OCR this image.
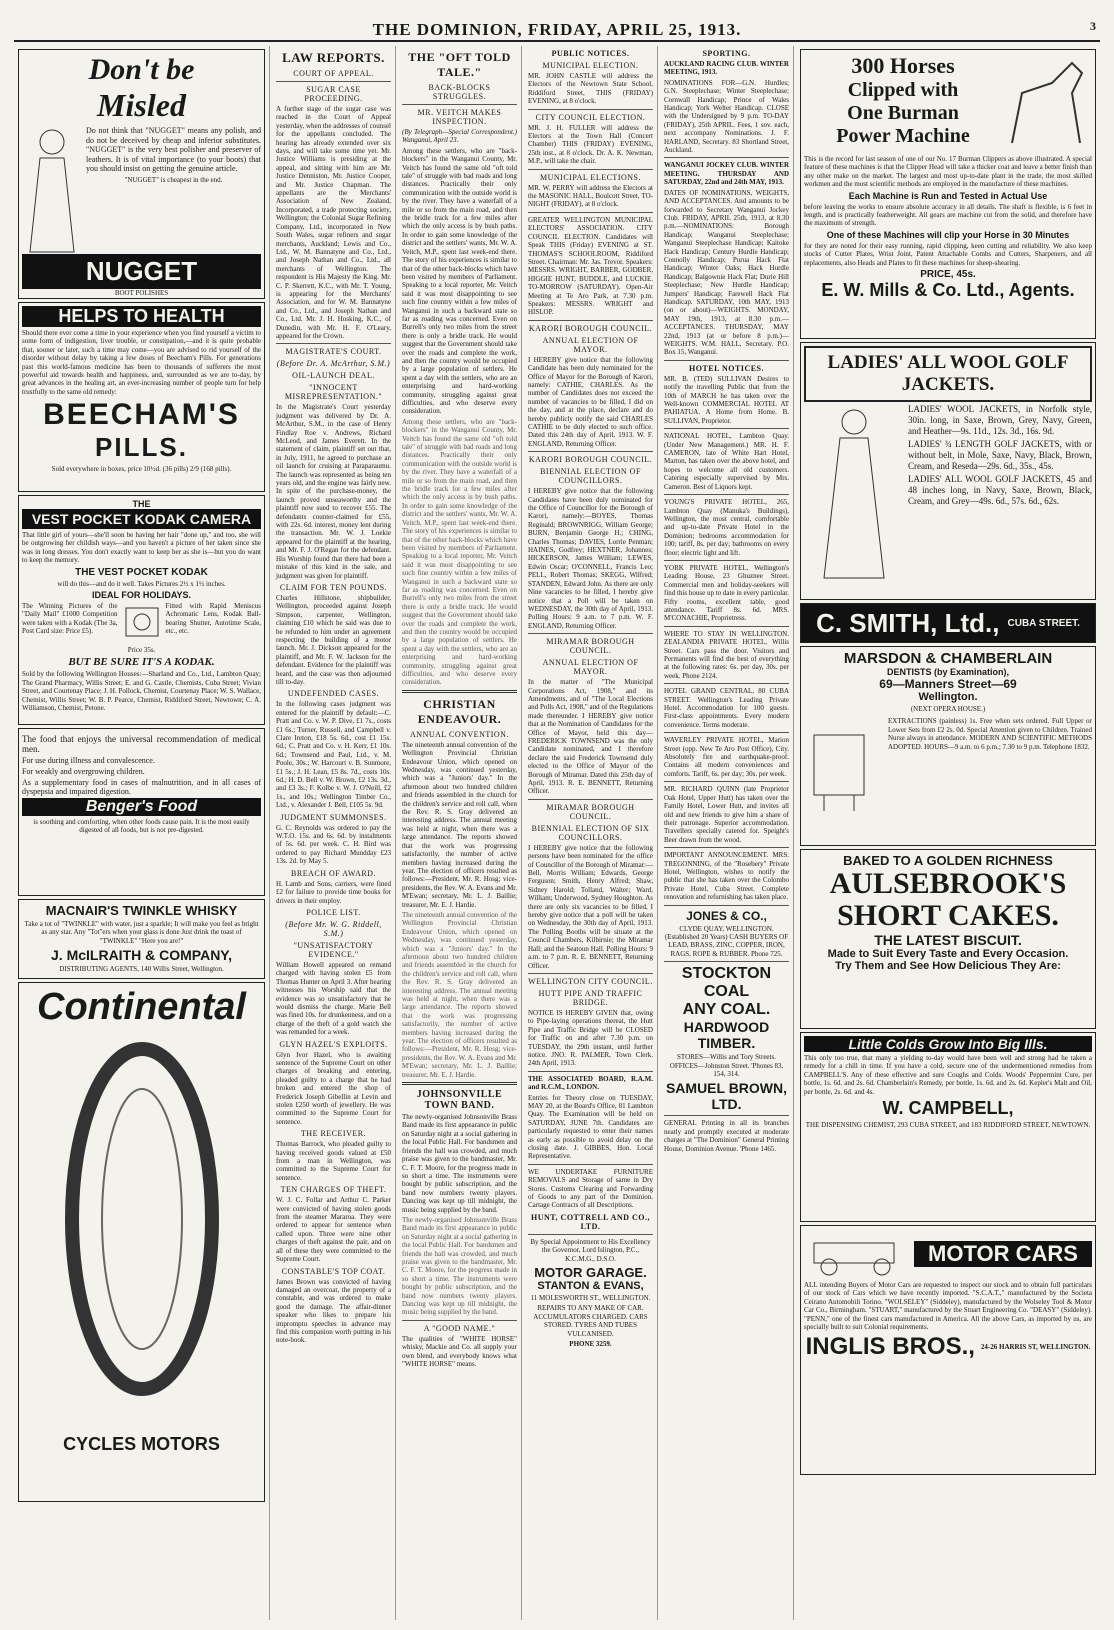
THE DOMINION, FRIDAY, APRIL 25, 1913.	3
Don't be
Misled
Do not think that "NUGGET" means any polish, and do not be deceived by cheap and inferior substitutes. "NUGGET" is the very best polisher and preserver of leathers. It is of vital importance (to your boots) that you should insist on getting the genuine article.
"NUGGET" is cheapest in the end.
NUGGET
BOOT POLISHES
HELPS TO HEALTH
Should there ever come a time in your experience when you find yourself a victim to some form of indigestion, liver trouble, or constipation,—and it is quite probable that, sooner or later, such a time may come—you are advised to rid yourself of the disorder without delay by taking a few doses of Beecham's Pills. For generations past this world-famous medicine has been to thousands of sufferers the most powerful aid towards health and happiness, and, surrounded as we are to-day, by great advances in the healing art, an ever-increasing number of people turn for help trustfully to the same old remedy:
BEECHAM'S
PILLS.
Sold everywhere in boxes, price 10½d. (36 pills) 2/9 (168 pills).
THE
VEST POCKET KODAK CAMERA
That little girl of yours—she'll soon be having her hair "done up," and too, she will be outgrowing her childish ways—and you haven't a picture of her taken since she was in long dresses. You don't exactly want to keep her as she is—but you do want to keep the memory.
THE VEST POCKET KODAK
will do this—and do it well. Takes Pictures 2½ x 1½ inches.
IDEAL FOR HOLIDAYS.
The Winning Pictures of the "Daily Mail" £1000 Competition were taken with a Kodak (The 3a, Post Card size: Price £5).
Fitted with Rapid Meniscus Achromatic Lens, Kodak Ball-bearing Shutter, Autotime Scale, etc., etc.
Price 35s.
BUT BE SURE IT'S A KODAK.
Sold by the following Wellington Houses:—Sharland and Co., Ltd., Lambton Quay; The Grand Pharmacy, Willis Street; E. and G. Castle, Chemists, Cuba Street; Vivian Street, and Courtenay Place; J. H. Pollock, Chemist, Courtenay Place; W. S. Wallace, Chemist, Willis Street; W. B. P. Pearce, Chemist, Riddiford Street, Newtown; C. A. Williamson, Chemist, Petone.
The food that enjoys the universal recommendation of medical men.
For use during illness and convalescence.
For weakly and overgrowing children.
As a supplementary food in cases of malnutrition, and in all cases of dyspepsia and impaired digestion.
Benger's Food
is soothing and comforting, when other foods cause pain. It is the most easily digested of all foods, but is not pre-digested.
MACNAIR'S TWINKLE WHISKY
Take a tot of "TWINKLE" with water, just a sparkle; It will make you feel as bright as any star. Any "Tot"ers when your glass is done Just drink the toast of "TWINKLE" "Here you are!"
J. McILRAITH & COMPANY,
DISTRIBUTING AGENTS, 140 Willis Street, Wellington.
Continental
CYCLES MOTORS
LAW REPORTS.
COURT OF APPEAL.
SUGAR CASE PROCEEDING.
A further stage of the sugar case was reached in the Court of Appeal yesterday, when the addresses of counsel for the appellants concluded. The hearing has already extended over six days, and will take some time yet. Mr. Justice Williams is presiding at the appeal, and sitting with him are Mr. Justice Denniston, Mr. Justice Cooper, and Mr. Justice Chapman. The appellants are the Merchants' Association of New Zealand, Incorporated, a trade protecting society, Wellington; the Colonial Sugar Refining Company, Ltd., incorporated in New South Wales, sugar refiners and sugar merchants, Auckland; Lewis and Co., Ltd., W. M. Bannatyne and Co., Ltd., and Joseph Nathan and Co., Ltd., all merchants of Wellington. The respondent is His Majesty the King. Mr. C. P. Skerrett, K.C., with Mr. T. Young, is appearing for the Merchants' Association, and for W. M. Bannatyne and Co., Ltd., and Joseph Nathan and Co., Ltd. Mr. J. H. Hosking, K.C., of Dunedin, with Mr. H. F. O'Leary, appeared for the Crown.
MAGISTRATE'S COURT.
(Before Dr. A. McArthur, S.M.)
OIL-LAUNCH DEAL.
"INNOCENT MISREPRESENTATION."
In the Magistrate's Court yesterday judgment was delivered by Dr. A. McArthur, S.M., in the case of Henry Findlay Roe v. Andrews, Richard McLeod, and James Everett. In the statement of claim, plaintiff set out that, in July, 1911, he agreed to purchase an oil launch for cruising at Paraparaumu. The launch was represented as being ten years old, and the engine was fairly new. In spite of the purchase-money, the launch proved unseaworthy and the plaintiff now sued to recover £55. The defendants counter-claimed for £55, with 22s. 6d. interest, money lent during the transaction. Mr. W. J. Loekie appeared for the plaintiff at the hearing, and Mr. F. J. O'Regan for the defendant. His Worship found that there had been a mistake of this kind in the sale, and judgment was given for plaintiff.
CLAIM FOR TEN POUNDS.
Charles Hillstone, shipbuilder, Wellington, proceeded against Joseph Simpson, carpenter, Wellington, claiming £10 which he said was due to be refunded to him under an agreement respecting the building of a motor launch. Mr. J. Dickson appeared for the plaintiff, and Mr. F. W. Jackson for the defendant. Evidence for the plaintiff was heard, and the case was then adjourned till to-day.
UNDEFENDED CASES.
In the following cases judgment was entered for the plaintiff by default:—C. Pratt and Co. v. W. P. Dive, £1 7s., costs £1 6s.; Turner, Russell, and Campbell v. Clare Ireton, £18 5s. 6d., cost £1 15s. 6d.; C. Pratt and Co. v. H. Kerr, £1 10s. 6d.; Townsend and Paul, Ltd., v. M. Poole, 30s.; W. Harcourt v. B. Sunmore, £1 5s.; J. H. Lean, £5 8s. 7d., costs 10s. 6d.; H. D. Bell v. W. Brown, £2 13s. 3d., and £3 3s.; F. Kolbe v. W. J. O'Neill, £2 1s., and 10s.; Wellington Timber Co., Ltd., v. Alexander J. Bell, £105 5s. 9d.
JUDGMENT SUMMONSES.
G. C. Reynolds was ordered to pay the W.T.O. 15s. and 6s. 6d. by instalments of 5s. 6d. per week. C. H. Bird was ordered to pay Richard Mundday £23 13s. 2d. by May 5.
BREACH OF AWARD.
H. Lamb and Sons, carriers, were fined £2 for failure to provide time books for drivers in their employ.
POLICE LIST.
(Before Mr. W. G. Riddell, S.M.)
"UNSATISFACTORY EVIDENCE."
William Howell appeared on remand charged with having stolen £5 from Thomas Hunter on April 3. After hearing witnesses his Worship said that the evidence was so unsatisfactory that he would dismiss the charge. Marie Bell was fined 10s. for drunkenness, and on a charge of the theft of a gold watch she was remanded for a week.
GLYN HAZEL'S EXPLOITS.
Glyn Ivor Hazel, who is awaiting sentence of the Supreme Court on other charges of breaking and entering, pleaded guilty to a charge that he had broken and entered the shop of Frederick Joseph Gibellin at Levin and stolen £250 worth of jewellery. He was committed to the Supreme Court for sentence.
THE RECEIVER.
Thomas Barrock, who pleaded guilty to having received goods valued at £50 from a man in Wellington, was committed to the Supreme Court for sentence.
TEN CHARGES OF THEFT.
W. J. C. Follar and Arthur C. Parker were convicted of having stolen goods from the steamer Mararoa. They were ordered to appear for sentence when called upon. Three were nine other charges of theft against the pair, and on all of these they were committed to the Supreme Court.
CONSTABLE'S TOP COAT.
James Brown was convicted of having damaged an overcoat, the property of a constable, and was ordered to make good the damage. The affair-dinner speaker who likes to prepare his impromptu speeches in advance may find this companion worth putting in his note-book.
THE "OFT TOLD TALE."
BACK-BLOCKS STRUGGLES.
MR. VEITCH MAKES INSPECTION.
(By Telegraph—Special Correspondent.) Wanganui, April 23.
Among these settlers, who are "back-blockers" in the Wanganui County, Mr. Veitch has found the same old "oft told tale" of struggle with bad roads and long distances. Practically their only communication with the outside world is by the river. They have a waterfall of a mile or so from the main road, and then the bridle track for a few miles after which the only access is by bush paths. In order to gain some knowledge of the district and the settlers' wants, Mr. W. A. Veitch, M.P., spent last week-end there. The story of his experiences is similar to that of the other back-blocks which have been visited by members of Parliament. Speaking to a local reporter, Mr. Veitch said it was most disappointing to see such fine country within a few miles of Wanganui in such a backward state so far as roading was concerned. Even on Burrell's only two miles from the street there is only a bridle track. He would suggest that the Government should take over the roads and complete the work, and then the country would be occupied by a large population of settlers. He spent a day with the settlers, who are an enterprising and hard-working community, struggling against great difficulties, and who deserve every consideration.
Among these settlers, who are "back-blockers" in the Wanganui County, Mr. Veitch has found the same old "oft told tale" of struggle with bad roads and long distances. Practically their only communication with the outside world is by the river. They have a waterfall of a mile or so from the main road, and then the bridle track for a few miles after which the only access is by bush paths. In order to gain some knowledge of the district and the settlers' wants, Mr. W. A. Veitch, M.P., spent last week-end there. The story of his experiences is similar to that of the other back-blocks which have been visited by members of Parliament. Speaking to a local reporter, Mr. Veitch said it was most disappointing to see such fine country within a few miles of Wanganui in such a backward state so far as roading was concerned. Even on Burrell's only two miles from the street there is only a bridle track. He would suggest that the Government should take over the roads and complete the work, and then the country would be occupied by a large population of settlers. He spent a day with the settlers, who are an enterprising and hard-working community, struggling against great difficulties, and who deserve every consideration.
CHRISTIAN ENDEAVOUR.
ANNUAL CONVENTION.
The nineteenth annual convention of the Wellington Provincial Christian Endeavour Union, which opened on Wednesday, was continued yesterday, which was a "Juniors' day." In the afternoon about two hundred children and friends assembled in the church for the children's service and roll call, when the Rev. R. S. Gray delivered an interesting address. The annual meeting was held at night, when there was a large attendance. The reports showed that the work was progressing satisfactorily, the number of active members having increased during the year. The election of officers resulted as follows:—President, Mr. R. Hosg; vice-presidents, the Rev. W. A. Evans and Mr. M'Ewan; secretary, Mr. L. J. Baillie; treasurer, Mr. E. J. Hardie.
The nineteenth annual convention of the Wellington Provincial Christian Endeavour Union, which opened on Wednesday, was continued yesterday, which was a "Juniors' day." In the afternoon about two hundred children and friends assembled in the church for the children's service and roll call, when the Rev. R. S. Gray delivered an interesting address. The annual meeting was held at night, when there was a large attendance. The reports showed that the work was progressing satisfactorily, the number of active members having increased during the year. The election of officers resulted as follows:—President, Mr. R. Hosg; vice-presidents, the Rev. W. A. Evans and Mr. M'Ewan; secretary, Mr. L. J. Baillie; treasurer, Mr. E. J. Hardie.
JOHNSONVILLE TOWN BAND.
The newly-organised Johnsonville Brass Band made its first appearance in public on Saturday night at a social gathering in the local Public Hall. For bandsmen and friends the hall was crowded, and much praise was given to the bandmaster, Mr. C. F. T. Moore, for the progress made in so short a time. The instruments were bought by public subscription, and the band now numbers twenty players. Dancing was kept up till midnight, the music being supplied by the band.
The newly-organised Johnsonville Brass Band made its first appearance in public on Saturday night at a social gathering in the local Public Hall. For bandsmen and friends the hall was crowded, and much praise was given to the bandmaster, Mr. C. F. T. Moore, for the progress made in so short a time. The instruments were bought by public subscription, and the band now numbers twenty players. Dancing was kept up till midnight, the music being supplied by the band.
A "GOOD NAME."
The qualities of "WHITE HORSE" whisky, Mackie and Co. all supply your own blend, and everybody knows what "WHITE HORSE" means.
PUBLIC NOTICES.
MUNICIPAL ELECTION.
MR. JOHN CASTLE will address the Electors of the Newtown State School, Riddiford Street, THIS (FRIDAY) EVENING, at 8 o'clock.
CITY COUNCIL ELECTION.
MR. J. H. FULLER will address the Electors at the Town Hall (Concert Chamber) THIS (FRIDAY) EVENING, 25th inst., at 8 o'clock. Dr. A. K. Newman, M.P., will take the chair.
MUNICIPAL ELECTIONS.
MR. W. PERRY will address the Electors at the MASONIC HALL, Boulcott Street, TO-NIGHT (FRIDAY), at 8 o'clock.
GREATER WELLINGTON MUNICIPAL ELECTORS' ASSOCIATION. CITY COUNCIL ELECTION. Candidates will Speak THIS (Friday) EVENING at ST. THOMAS'S SCHOOLROOM, Riddiford Street. Chairman: Mr. Jas. Trevor. Speakers: MESSRS. WRIGHT, BARBER, GODBER, HIGGIE HUNT, BUDDLE, and LUCKIE. TO-MORROW (SATURDAY). Open-Air Meeting at Te Aro Park, at 7.30 p.m. Speakers: MESSRS. WRIGHT and HISLOP.
KARORI BOROUGH COUNCIL.
ANNUAL ELECTION OF MAYOR.
I HEREBY give notice that the following Candidate has been duly nominated for the Office of Mayor for the Borough of Karori, namely: CATHIE, CHARLES. As the number of Candidates does not exceed the number of vacancies to be filled, I did on the day, and at the place, declare and do hereby publicly notify the said CHARLES CATHIE to be duly elected to such office. Dated this 24th day of April, 1913. W. F. ENGLAND, Returning Officer.
KARORI BOROUGH COUNCIL.
BIENNIAL ELECTION OF COUNCILLORS.
I HEREBY give notice that the following Candidates have been duly nominated for the Office of Councillor for the Borough of Karori, namely:—BOYES, Thomas Reginald; BROWNRIGG, William George; BURN, Benjamin George H.; CHING, Charles Thomas; DAVIES, Lorrie Penman; HAINES, Godfrey; HEXTNER, Johannes; HICKERSON, James William; LEWES, Edwin Oscar; O'CONNELL, Francis Leo; PELL, Robert Thomas; SKEGG, Wilfred; STANDEN, Edward John. As there are only Nine vacancies to be filled, I hereby give notice that a Poll will be taken on WEDNESDAY, the 30th day of April, 1913. Polling Hours: 9 a.m. to 7 p.m. W. F. ENGLAND, Returning Officer.
MIRAMAR BOROUGH COUNCIL.
ANNUAL ELECTION OF MAYOR.
In the matter of "The Municipal Corporations Act, 1908," and its Amendments, and of "The Local Elections and Polls Act, 1908," and of the Regulations made thereunder. I HEREBY give notice that at the Nomination of Candidates for the Office of Mayor, held this day—FREDERICK TOWNSEND was the only Candidate nominated, and I therefore declare the said Frederick Townsend duly elected to the Office of Mayor of the Borough of Miramar. Dated this 25th day of April, 1913. R. E. BENNETT, Returning Officer.
MIRAMAR BOROUGH COUNCIL.
BIENNIAL ELECTION OF SIX COUNCILLORS.
I HEREBY give notice that the following persons have been nominated for the office of Councillor of the Borough of Miramar:—Bell, Morris William; Edwards, George Ferguson; Smith, Henry Alfred; Shaw, Sidney Harold; Tolland, Walter; Ward, William; Underwood, Sydney Houghton. As there are only six vacancies to be filled, I hereby give notice that a poll will be taken on Wednesday, the 30th day of April, 1913. The Polling Booths will be situate at the Council Chambers, Kilbirnie; the Miramar Hall; and the Seatoun Hall. Polling Hours: 9 a.m. to 7 p.m. R. E. BENNETT, Returning Officer.
WELLINGTON CITY COUNCIL.
HUTT PIPE AND TRAFFIC BRIDGE.
NOTICE IS HEREBY GIVEN that, owing to Pipe-laying operations thereat, the Hutt Pipe and Traffic Bridge will be CLOSED for Traffic on and after 7.30 p.m. on TUESDAY, the 29th instant, until further notice. JNO. R. PALMER, Town Clerk. 24th April, 1913.
THE ASSOCIATED BOARD, R.A.M. and R.C.M., LONDON.
Entries for Theory close on TUESDAY, MAY 20, at the Board's Office, 81 Lambton Quay. The Examination will be held on SATURDAY, JUNE 7th. Candidates are particularly requested to enter their names as early as possible to avoid delay on the closing date. J. GIBBES, Hon. Local Representative.
WE UNDERTAKE FURNITURE REMOVALS and Storage of same in Dry Stores. Customs Clearing and Forwarding of Goods to any part of the Dominion. Cartage Contracts of all Descriptions.
HUNT, COTTRELL AND CO., LTD.
By Special Appointment to His Excellency the Governor, Lord Islington, P.C., K.C.M.G., D.S.O.
MOTOR GARAGE.
STANTON & EVANS,
11 MOLESWORTH ST., WELLINGTON.
REPAIRS TO ANY MAKE OF CAR. ACCUMULATORS CHARGED. CARS STORED. TYRES AND TUBES VULCANISED.
PHONE 3259.
SPORTING.
AUCKLAND RACING CLUB. WINTER MEETING, 1913.
NOMINATIONS FOR—G.N. Hurdles; G.N. Steeplechase; Winter Steeplechase; Cornwall Handicap; Prince of Wales Handicap; York Welter Handicap. CLOSE with the Undersigned by 9 p.m. TO-DAY (FRIDAY), 25th APRIL. Fees, 1 sov. each, next accompany Nominations. J. F. HARLAND, Secretary. 83 Shortland Street, Auckland.
WANGANUI JOCKEY CLUB. WINTER MEETING. THURSDAY AND SATURDAY, 22nd and 24th MAY, 1913.
DATES OF NOMINATIONS, WEIGHTS, AND ACCEPTANCES. And amounts to be forwarded to Secretary Wanganui Jockey Club. FRIDAY, APRIL 25th, 1913, at 8.30 p.m.—NOMINATIONS: Borough Handicap; Wanganui Steeplechase; Wanganui Steeplechase Handicap; Kaitoke Hack Handicap; Century Hurdle Handicap; Connolly Handicap; Purua Hack Flat Handicap; Winter Oaks; Hack Hurdle Handicap; Balgownie Hack Flat; Durie Hill Steeplechase; New Hurdle Handicap; Jumpers' Handicap; Farewell Hack Flat Handicap. SATURDAY, 10th MAY, 1913 (on or about)—WEIGHTS. MONDAY, MAY 19th, 1913, at 8.30 p.m.—ACCEPTANCES. THURSDAY, MAY 22nd, 1913 (at or before 8 p.m.)—WEIGHTS. W.M. HALL, Secretary. P.O. Box 15, Wanganui.
HOTEL NOTICES.
MR. B. (TED) SULLIVAN Desires to notify the travelling Public that from the 10th of MARCH he has taken over the Well-known COMMERCIAL HOTEL AT PAHIATUA. A Home from Home. B. SULLIVAN, Proprietor.
NATIONAL HOTEL, Lambton Quay. (Under New Management.) MR. H. F. CAMERON, late of White Hart Hotel, Marton, has taken over the above hotel, and hopes to welcome all old customers. Catering especially supervised by Mrs. Cameron. Best of Liquors kept.
YOUNG'S PRIVATE HOTEL, 265, Lambton Quay (Manuka's Buildings), Wellington, the most central, comfortable and up-to-date Private Hotel in the Dominion; bedrooms accommodation for 100; tariff, 8s. per day; bathrooms on every floor; electric light and lift.
YORK PRIVATE HOTEL, Wellington's Leading House, 23 Ghuznee Street. Commercial men and holiday-seekers will find this house up to date in every particular. Fifty rooms, excellent table, good attendance. Tariff 8s. 6d. MRS. M'CONACHIE, Proprietress.
WHERE TO STAY IN WELLINGTON. ZEALANDIA PRIVATE HOTEL, Willis Street. Cars pass the door. Visitors and Permanents will find the best of everything at the following rates: 6s. per day, 30s. per week. Phone 2124.
HOTEL GRAND CENTRAL, 80 CUBA STREET. Wellington's Leading Private Hotel. Accommodation for 100 guests. First-class appointments. Every modern convenience. Terms moderate.
WAVERLEY PRIVATE HOTEL, Marion Street (opp. New Te Aro Post Office), City. Absolutely fire and earthquake-proof. Contains all modern conveniences and comforts. Tariff, 6s. per day; 30s. per week.
MR. RICHARD QUINN (late Proprietor Oak Hotel, Upper Hutt) has taken over the Family Hotel, Lower Hutt, and invites all old and new friends to give him a share of their patronage. Superior accommodation. Travellers specially catered for. Speight's Beer drawn from the wood.
IMPORTANT ANNOUNCEMENT. MRS. TREGONNING, of the "Rosebery" Private Hotel, Wellington, wishes to notify the public that she has taken over the Colombo Private Hotel, Cuba Street. Complete renovation and refurnishing has taken place.
JONES & CO.,
CLYDE QUAY, WELLINGTON. (Established 20 Years) CASH BUYERS OF LEAD, BRASS, ZINC, COPPER, IRON, RAGS, ROPE & RUBBER. Phone 725.
STOCKTON COAL
ANY COAL.
HARDWOOD TIMBER.
STORES—Willis and Tory Streets. OFFICES—Johnston Street. 'Phones 83, 154, 314.
SAMUEL BROWN, LTD.
GENERAL Printing in all its branches neatly and promptly executed at moderate charges at "The Dominion" General Printing House, Dominion Avenue. 'Phone 1465.
300 Horses
Clipped with
One Burman
Power Machine
This is the record for last season of one of our No. 17 Burman Clippers as above illustrated. A special feature of these machines is that the Clipper Head will take a thicker coat and leave a better finish than any other make on the market. The largest and most up-to-date plant in the trade, the most skilled workmen and the most scientific methods are employed in the manufacture of these machines.
Each Machine is Run and Tested in Actual Use
before leaving the works to ensure absolute accuracy in all details. The shaft is flexible, is 6 feet in length, and is practically featherweight. All gears are machine cut from the solid, and therefore have the maximum of strength.
One of these Machines will clip your Horse in 30 Minutes
for they are noted for their easy running, rapid clipping, keen cutting and reliability. We also keep stocks of Cutter Plates, Wrist Joint, Patent Attachable Combs and Cutters, Sharpeners, and all replacements, also Heads and Plates to fit these machines for sheep-shearing.
PRICE, 45s.
E. W. Mills & Co. Ltd., Agents.
LADIES' ALL WOOL GOLF JACKETS.
LADIES' WOOL JACKETS, in Norfolk style, 30in. long, in Saxe, Brown, Grey, Navy, Green, and Heather—9s. 11d., 12s. 3d., 16s. 9d.
LADIES' ¾ LENGTH GOLF JACKETS, with or without belt, in Mole, Saxe, Navy, Black, Brown, Cream, and Reseda—29s. 6d., 35s., 45s.
LADIES' ALL WOOL GOLF JACKETS, 45 and 48 inches long, in Navy, Saxe, Brown, Black, Cream, and Grey—49s. 6d., 57s. 6d., 62s.
C. SMITH, Ltd., CUBA STREET.
MARSDON & CHAMBERLAIN
DENTISTS (by Examination),
69—Manners Street—69
Wellington.
(NEXT OPERA HOUSE.)
EXTRACTIONS (painless) 1s. Free when sets ordered. Full Upper or Lower Sets from £2 2s. 0d. Special Attention given to Children. Trained Nurse always in attendance. MODERN AND SCIENTIFIC METHODS ADOPTED. HOURS—9 a.m. to 6 p.m.; 7.30 to 9 p.m. Telephone 1832.
BAKED TO A GOLDEN RICHNESS
AULSEBROOK'S SHORT CAKES.
THE LATEST BISCUIT.
Made to Suit Every Taste and Every Occasion.
Try Them and See How Delicious They Are:
Little Colds Grow Into Big Ills.
This only too true, that many a yielding to-day would have been well and strong had he taken a remedy for a chill in time. If you have a cold, secure one of the undermentioned remedies from CAMPBELL'S. Any of these effective and sure Coughs and Colds. Woods' Peppermint Cure, per bottle, 1s. 6d. and 2s. 6d. Chamberlain's Remedy, per bottle, 1s. 6d. and 2s. 6d. Kepler's Malt and Oil, per bottle, 2s. 6d. and 4s.
W. CAMPBELL,
THE DISPENSING CHEMIST, 293 CUBA STREET, and 183 RIDDIFORD STREET, NEWTOWN.
MOTOR CARS
ALL intending Buyers of Motor Cars are requested to inspect our stock and to obtain full particulars of our stock of Cars which we have recently imported. "S.C.A.T.," manufactured by the Societa Ceirano Automobili Torino. "WOLSELEY" (Siddeley), manufactured by the Wolseley Tool & Motor Car Co., Birmingham. "STUART," manufactured by the Stuart Engineering Co. "DEASY" (Siddeley). "PENN," one of the finest cars manufactured in America. All the above Cars, as imported by us, are specially built to suit Colonial requirements.
INGLIS BROS., 24-26 HARRIS ST, WELLINGTON.
